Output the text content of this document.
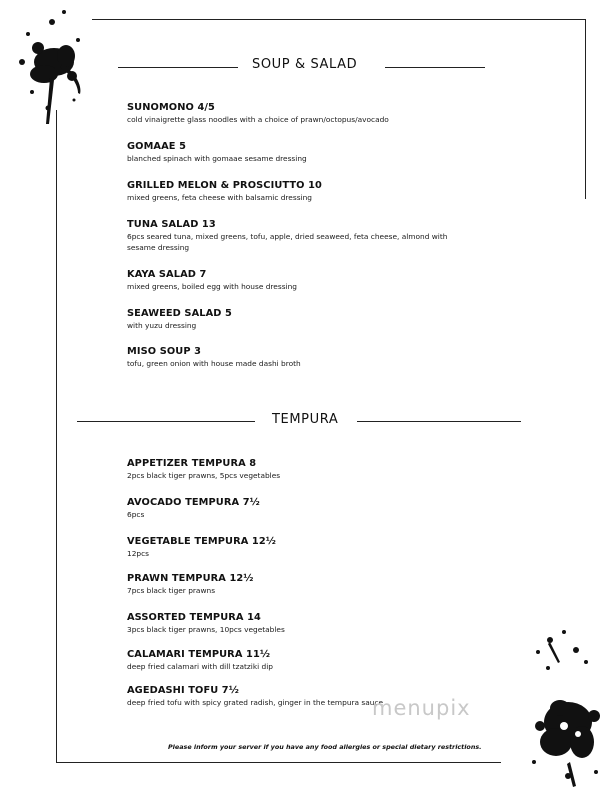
SOUP & SALAD
SUNOMONO 4/5
cold vinaigrette glass noodles with a choice of prawn/octopus/avocado
GOMAAE 5
blanched spinach with gomaae sesame dressing
GRILLED MELON & PROSCIUTTO 10
mixed greens, feta cheese with balsamic dressing
TUNA SALAD 13
6pcs seared tuna, mixed greens, tofu, apple, dried seaweed, feta cheese, almond with sesame dressing
KAYA SALAD 7
mixed greens, boiled egg with house dressing
SEAWEED SALAD 5
with yuzu dressing
MISO SOUP 3
tofu, green onion with house made dashi broth
TEMPURA
APPETIZER TEMPURA 8
2pcs black tiger prawns, 5pcs vegetables
AVOCADO TEMPURA 7½
6pcs
VEGETABLE TEMPURA 12½
12pcs
PRAWN TEMPURA 12½
7pcs black tiger prawns
ASSORTED TEMPURA 14
3pcs black tiger prawns, 10pcs vegetables
CALAMARI TEMPURA 11½
deep fried calamari with dill tzatziki dip
AGEDASHI TOFU 7½
deep fried tofu with spicy grated radish, ginger in the tempura sauce
menupix
Please inform your server if you have any food allergies or special dietary restrictions.
